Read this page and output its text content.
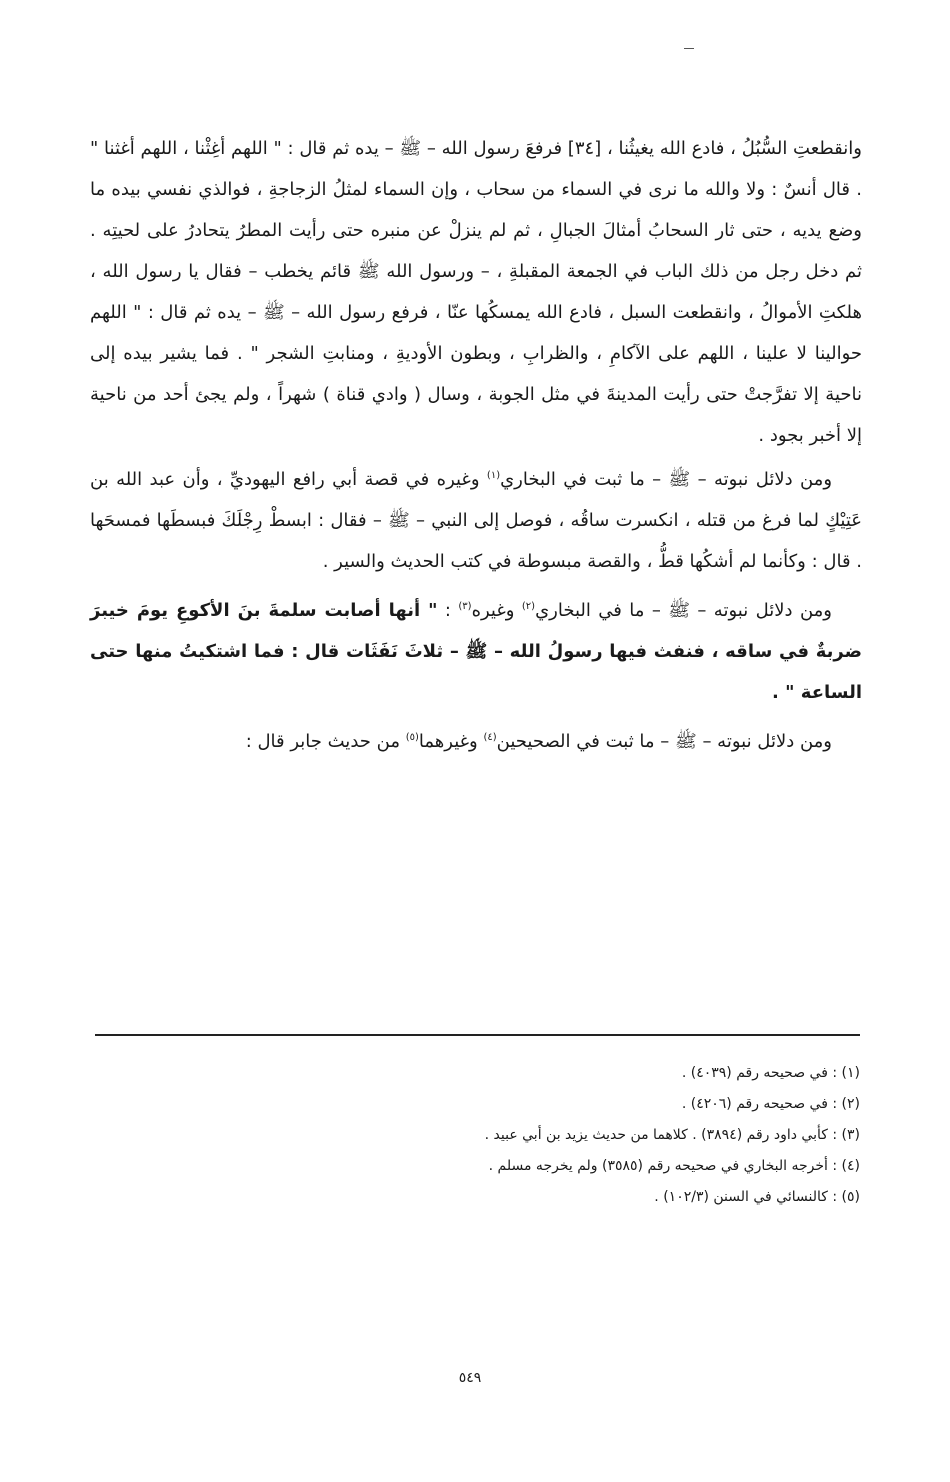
وانقطعتِ السُّبُلُ ، فادع الله يغيثُنا ، [٣٤] فرفعَ رسول الله – ﷺ – يده ثم قال : " اللهم أغِثْنا ، اللهم أغثنا " . قال أنسٌ : ولا والله ما نرى في السماء من سحاب ، وإن السماء لمثلُ الزجاجةِ ، فوالذي نفسي بيده ما وضع يديه ، حتى ثار السحابُ أمثالَ الجبالِ ، ثم لم ينزلْ عن منبره حتى رأيت المطرُ يتحادرُ على لحيتِه . ثم دخل رجل من ذلك الباب في الجمعة المقبلةِ ، – ورسول الله ﷺ قائم يخطب – فقال يا رسول الله ، هلكتِ الأموالُ ، وانقطعت السبل ، فادع الله يمسكُها عنّا ، فرفع رسول الله – ﷺ – يده ثم قال : " اللهم حوالينا لا علينا ، اللهم على الآكامِ ، والظرابِ ، وبطون الأوديةِ ، ومنابتِ الشجر " . فما يشير بيده إلى ناحية إلا تفرَّجتْ حتى رأيت المدينةَ في مثل الجوبة ، وسال ( وادي قناة ) شهراً ، ولم يجئ أحد من ناحية إلا أخبر بجود .

ومن دلائل نبوته – ﷺ – ما ثبت في البخاري$^{(١)}$ وغيره في قصة أبي رافع اليهوديِّ ، وأن عبد الله بن عَتِيْكٍ لما فرغ من قتله ، انكسرت ساقُه ، فوصل إلى النبي – ﷺ – فقال : ابسطْ رِجْلَكَ فبسطَها فمسحَها . قال : وكأنما لم أشكُها قطُّ ، والقصة مبسوطة في كتب الحديث والسير .

ومن دلائل نبوته – ﷺ – ما في البخاري$^{(٢)}$ وغيره$^{(٣)}$ : " أنها أصابت سلمةَ بنَ الأكوعِ يومَ خيبرَ ضربةٌ في ساقه ، فنفث فيها رسولُ الله – ﷺ – ثلاثَ نَفَثَات قال : فما اشتكيتُ منها حتى الساعة " .

ومن دلائل نبوته – ﷺ – ما ثبت في الصحيحين$^{(٤)}$ وغيرهما$^{(٥)}$ من حديث جابر قال :

(١) : في صحيحه رقم (٤٠٣٩) .
(٢) : في صحيحه رقم (٤٢٠٦) .
(٣) : كأبي داود رقم (٣٨٩٤) . كلاهما من حديث يزيد بن أبي عبيد .
(٤) : أخرجه البخاري في صحيحه رقم (٣٥٨٥) ولم يخرجه مسلم .
(٥) : كالنسائي في السنن (١٠٢/٣) .
٥٤٩
